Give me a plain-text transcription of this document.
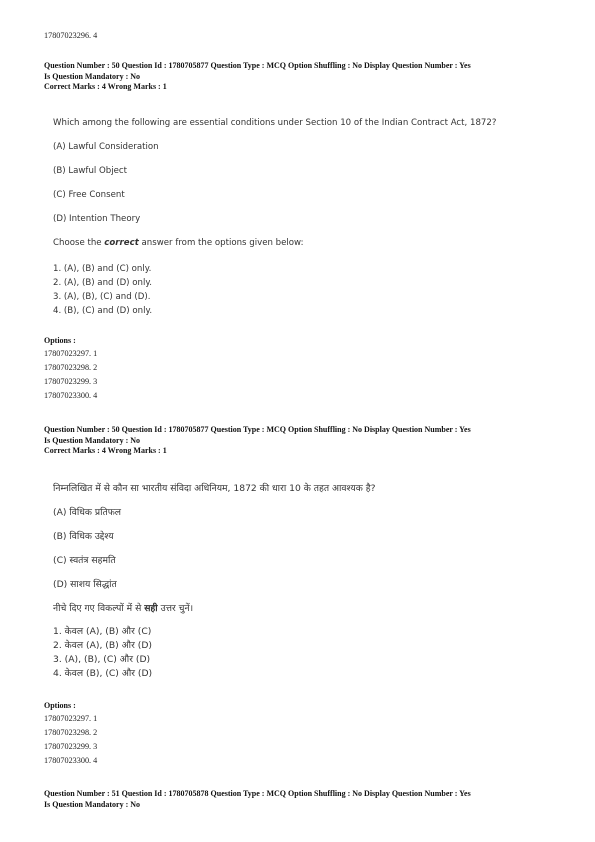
17807023296. 4
Question Number : 50 Question Id : 1780705877 Question Type : MCQ Option Shuffling : No Display Question Number : Yes
Is Question Mandatory : No
Correct Marks : 4 Wrong Marks : 1

Which among the following are essential conditions under Section 10 of the Indian Contract Act, 1872?

(A) Lawful Consideration

(B) Lawful Object

(C) Free Consent

(D) Intention Theory

Choose the correct answer from the options given below:

1. (A), (B) and (C) only.
2. (A), (B) and (D) only.
3. (A), (B), (C) and (D).
4. (B), (C) and (D) only.
Options :
17807023297. 1
17807023298. 2
17807023299. 3
17807023300. 4
Question Number : 50 Question Id : 1780705877 Question Type : MCQ Option Shuffling : No Display Question Number : Yes
Is Question Mandatory : No
Correct Marks : 4 Wrong Marks : 1

निम्नलिखित में से कौन सा भारतीय संविदा अधिनियम, 1872 की धारा 10 के तहत आवश्यक है?

(A) विधिक प्रतिफल

(B) विधिक उद्देश्य

(C) स्वतंत्र सहमति

(D) साशय सिद्धांत

नीचे दिए गए विकल्पों में से सही उत्तर चुनें।

1. केवल (A), (B) और (C)
2. केवल (A), (B) और (D)
3. (A), (B), (C) और (D)
4. केवल (B), (C) और (D)
Options :
17807023297. 1
17807023298. 2
17807023299. 3
17807023300. 4
Question Number : 51 Question Id : 1780705878 Question Type : MCQ Option Shuffling : No Display Question Number : Yes
Is Question Mandatory : No
